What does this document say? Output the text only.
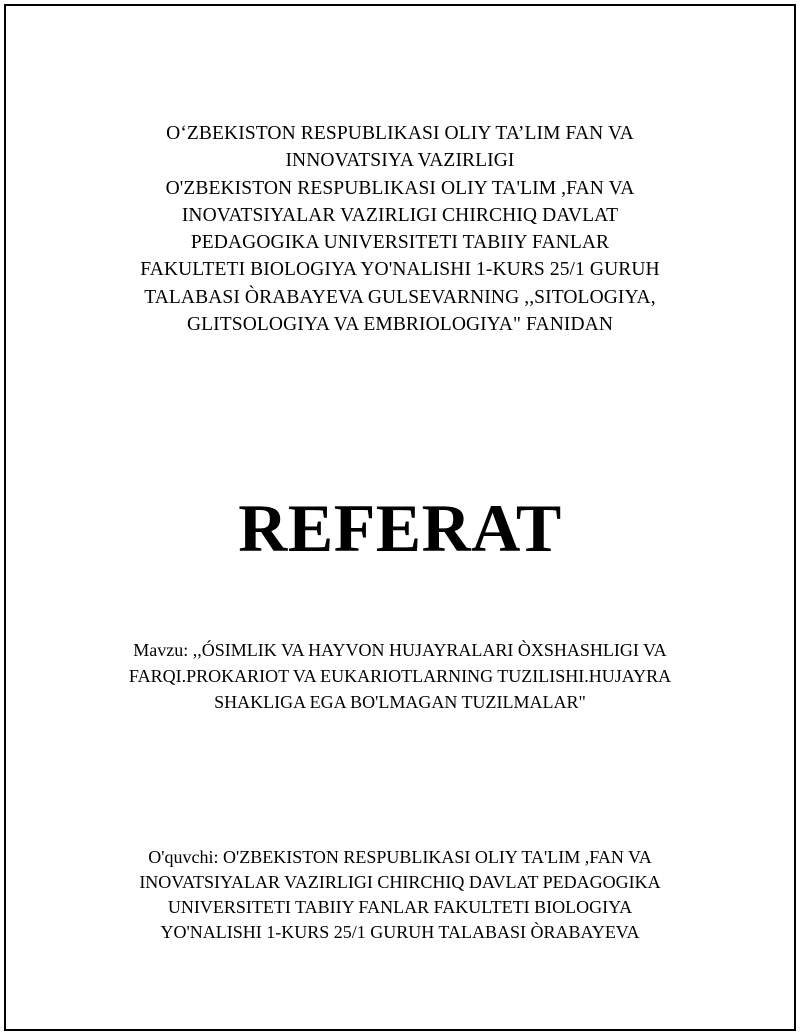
O‘ZBEKISTON RESPUBLIKASI OLIY TA’LIM FAN VA
INNOVATSIYA VAZIRLIGI
O'ZBEKISTON RESPUBLIKASI OLIY TA'LIM ,FAN VA
INOVATSIYALAR VAZIRLIGI CHIRCHIQ DAVLAT
PEDAGOGIKA UNIVERSITETI TABIIY FANLAR
FAKULTETI BIOLOGIYA YO'NALISHI 1-KURS 25/1 GURUH
TALABASI ÒRABAYEVA GULSEVARNING ,,SITOLOGIYA,
GLITSOLOGIYA VA EMBRIOLOGIYA" FANIDAN
REFERAT
Mavzu: ,,ÓSIMLIK VA HAYVON HUJAYRALARI ÒXSHASHLIGI VA
FARQI.PROKARIOT VA EUKARIOTLARNING TUZILISHI.HUJAYRA
SHAKLIGA EGA BO'LMAGAN TUZILMALAR"
O'quvchi: O'ZBEKISTON RESPUBLIKASI OLIY TA'LIM ,FAN VA
INOVATSIYALAR VAZIRLIGI CHIRCHIQ DAVLAT PEDAGOGIKA
UNIVERSITETI TABIIY FANLAR FAKULTETI BIOLOGIYA
YO'NALISHI 1-KURS 25/1 GURUH TALABASI ÒRABAYEVA
